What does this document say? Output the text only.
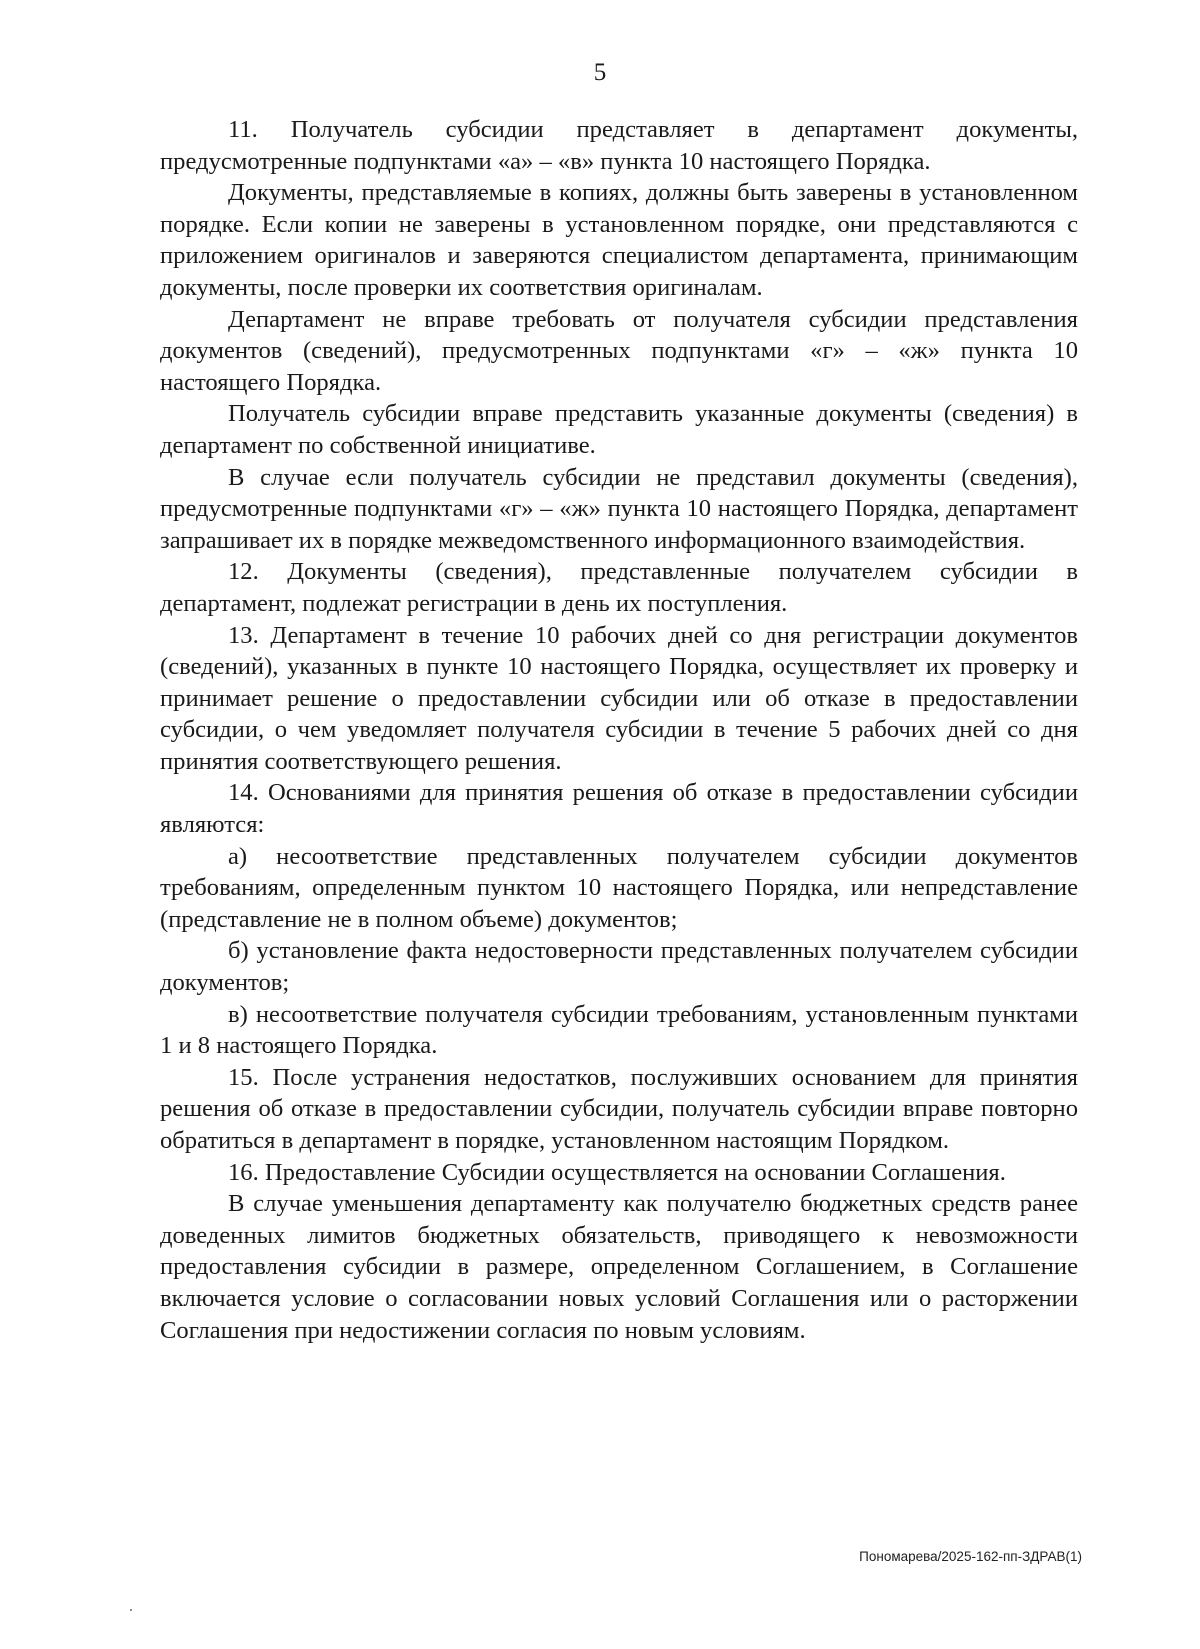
5

11. Получатель субсидии представляет в департамент документы, предусмотренные подпунктами «а» – «в» пункта 10 настоящего Порядка.

Документы, представляемые в копиях, должны быть заверены в установленном порядке. Если копии не заверены в установленном порядке, они представляются с приложением оригиналов и заверяются специалистом департамента, принимающим документы, после проверки их соответствия оригиналам.

Департамент не вправе требовать от получателя субсидии представления документов (сведений), предусмотренных подпунктами «г» – «ж» пункта 10 настоящего Порядка.

Получатель субсидии вправе представить указанные документы (сведения) в департамент по собственной инициативе.

В случае если получатель субсидии не представил документы (сведения), предусмотренные подпунктами «г» – «ж» пункта 10 настоящего Порядка, департамент запрашивает их в порядке межведомственного информационного взаимодействия.

12. Документы (сведения), представленные получателем субсидии в департамент, подлежат регистрации в день их поступления.

13. Департамент в течение 10 рабочих дней со дня регистрации документов (сведений), указанных в пункте 10 настоящего Порядка, осуществляет их проверку и принимает решение о предоставлении субсидии или об отказе в предоставлении субсидии, о чем уведомляет получателя субсидии в течение 5 рабочих дней со дня принятия соответствующего решения.

14. Основаниями для принятия решения об отказе в предоставлении субсидии являются:

а) несоответствие представленных получателем субсидии документов требованиям, определенным пунктом 10 настоящего Порядка, или непредставление (представление не в полном объеме) документов;

б) установление факта недостоверности представленных получателем субсидии документов;

в) несоответствие получателя субсидии требованиям, установленным пунктами 1 и 8 настоящего Порядка.

15. После устранения недостатков, послуживших основанием для принятия решения об отказе в предоставлении субсидии, получатель субсидии вправе повторно обратиться в департамент в порядке, установленном настоящим Порядком.

16. Предоставление Субсидии осуществляется на основании Соглашения.

В случае уменьшения департаменту как получателю бюджетных средств ранее доведенных лимитов бюджетных обязательств, приводящего к невозможности предоставления субсидии в размере, определенном Соглашением, в Соглашение включается условие о согласовании новых условий Соглашения или о расторжении Соглашения при недостижении согласия по новым условиям.

Пономарева/2025-162-пп-ЗДРАВ(1)
